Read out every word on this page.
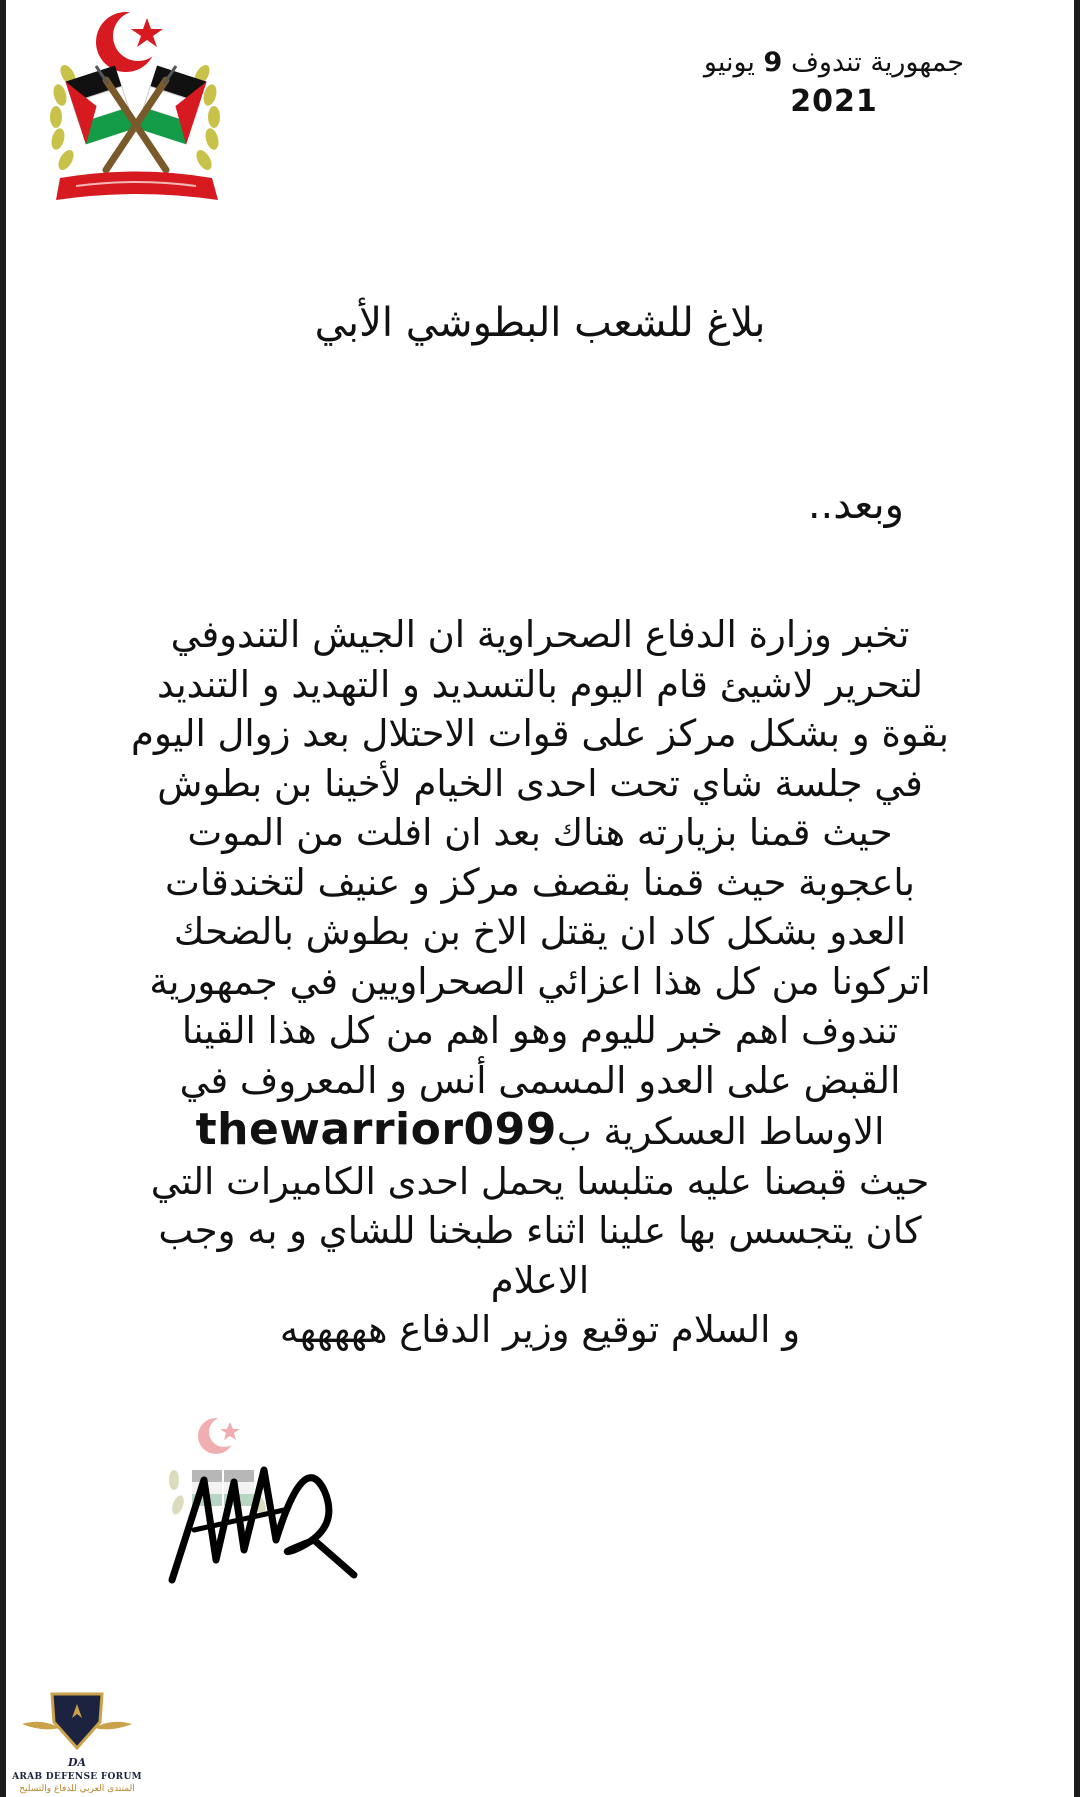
جمهورية تندوف 9 يونيو
2021
بلاغ للشعب البطوشي الأبي
وبعد..
تخبر وزارة الدفاع الصحراوية ان الجيش التندوفي
لتحرير لاشيئ قام اليوم بالتسديد و التهديد و التنديد
بقوة و بشكل مركز على قوات الاحتلال بعد زوال اليوم
في جلسة شاي تحت احدى الخيام لأخينا بن بطوش
حيث قمنا بزيارته هناك بعد ان افلت من الموت
باعجوبة حيث قمنا بقصف مركز و عنيف لتخندقات
العدو بشكل كاد ان يقتل الاخ بن بطوش بالضحك
اتركونا من كل هذا اعزائي الصحراويين في جمهورية
تندوف اهم خبر لليوم وهو اهم من كل هذا القينا
القبض على العدو المسمى أنس و المعروف في
الاوساط العسكرية بthewarrior099
حيث قبصنا عليه متلبسا يحمل احدى الكاميرات التي
كان يتجسس بها علينا اثناء طبخنا للشاي و به وجب
الاعلام
و السلام توقيع وزير الدفاع هههههه
DA
ARAB DEFENSE FORUM
المنتدى العربي للدفاع والتسليح
